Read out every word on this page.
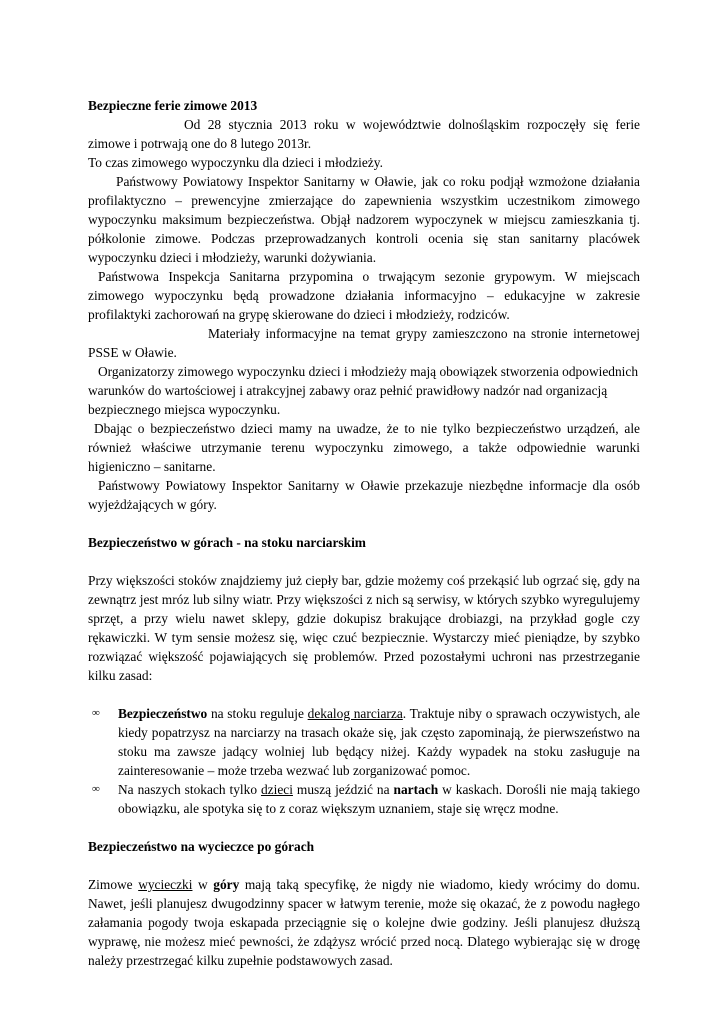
Bezpieczne ferie zimowe 2013

Od 28 stycznia 2013 roku w województwie dolnośląskim rozpoczęły się ferie zimowe i potrwają one do 8 lutego 2013r.

To czas zimowego wypoczynku dla dzieci i młodzieży.

Państwowy Powiatowy Inspektor Sanitarny w Oławie, jak co roku podjął wzmożone działania profilaktyczno – prewencyjne zmierzające do zapewnienia wszystkim uczestnikom zimowego wypoczynku maksimum bezpieczeństwa. Objął nadzorem wypoczynek w miejscu zamieszkania tj. półkolonie zimowe. Podczas przeprowadzanych kontroli ocenia się stan sanitarny placówek wypoczynku dzieci i młodzieży, warunki dożywiania.

Państwowa Inspekcja Sanitarna przypomina o trwającym sezonie grypowym. W miejscach zimowego wypoczynku będą prowadzone działania informacyjno – edukacyjne w zakresie profilaktyki zachorowań na grypę skierowane do dzieci i młodzieży, rodziców.

Materiały informacyjne na temat grypy zamieszczono na stronie internetowej PSSE w Oławie.

Organizatorzy zimowego wypoczynku dzieci i młodzieży mają obowiązek stworzenia odpowiednich warunków do wartościowej i atrakcyjnej zabawy oraz pełnić prawidłowy nadzór nad organizacją bezpiecznego miejsca wypoczynku.

Dbając o bezpieczeństwo dzieci mamy na uwadze, że to nie tylko bezpieczeństwo urządzeń, ale również właściwe utrzymanie terenu wypoczynku zimowego, a także odpowiednie warunki higieniczno – sanitarne.

Państwowy Powiatowy Inspektor Sanitarny w Oławie przekazuje niezbędne informacje dla osób wyjeżdżających w góry.

Bezpieczeństwo w górach - na stoku narciarskim

Przy większości stoków znajdziemy już ciepły bar, gdzie możemy coś przekąsić lub ogrzać się, gdy na zewnątrz jest mróz lub silny wiatr. Przy większości z nich są serwisy, w których szybko wyregulujemy sprzęt, a przy wielu nawet sklepy, gdzie dokupisz brakujące drobiazgi, na przykład gogle czy rękawiczki. W tym sensie możesz się, więc czuć bezpiecznie. Wystarczy mieć pieniądze, by szybko rozwiązać większość pojawiających się problemów. Przed pozostałymi uchroni nas przestrzeganie kilku zasad:

∞ Bezpieczeństwo na stoku reguluje dekalog narciarza. Traktuje niby o sprawach oczywistych, ale kiedy popatrzysz na narciarzy na trasach okaże się, jak często zapominają, że pierwszeństwo na stoku ma zawsze jadący wolniej lub będący niżej. Każdy wypadek na stoku zasługuje na zainteresowanie – może trzeba wezwać lub zorganizować pomoc.
∞ Na naszych stokach tylko dzieci muszą jeździć na nartach w kaskach. Dorośli nie mają takiego obowiązku, ale spotyka się to z coraz większym uznaniem, staje się wręcz modne.
Bezpieczeństwo na wycieczce po górach

Zimowe wycieczki w góry mają taką specyfikę, że nigdy nie wiadomo, kiedy wrócimy do domu. Nawet, jeśli planujesz dwugodzinny spacer w łatwym terenie, może się okazać, że z powodu nagłego załamania pogody twoja eskapada przeciągnie się o kolejne dwie godziny. Jeśli planujesz dłuższą wyprawę, nie możesz mieć pewności, że zdążysz wrócić przed nocą. Dlatego wybierając się w drogę należy przestrzegać kilku zupełnie podstawowych zasad.
